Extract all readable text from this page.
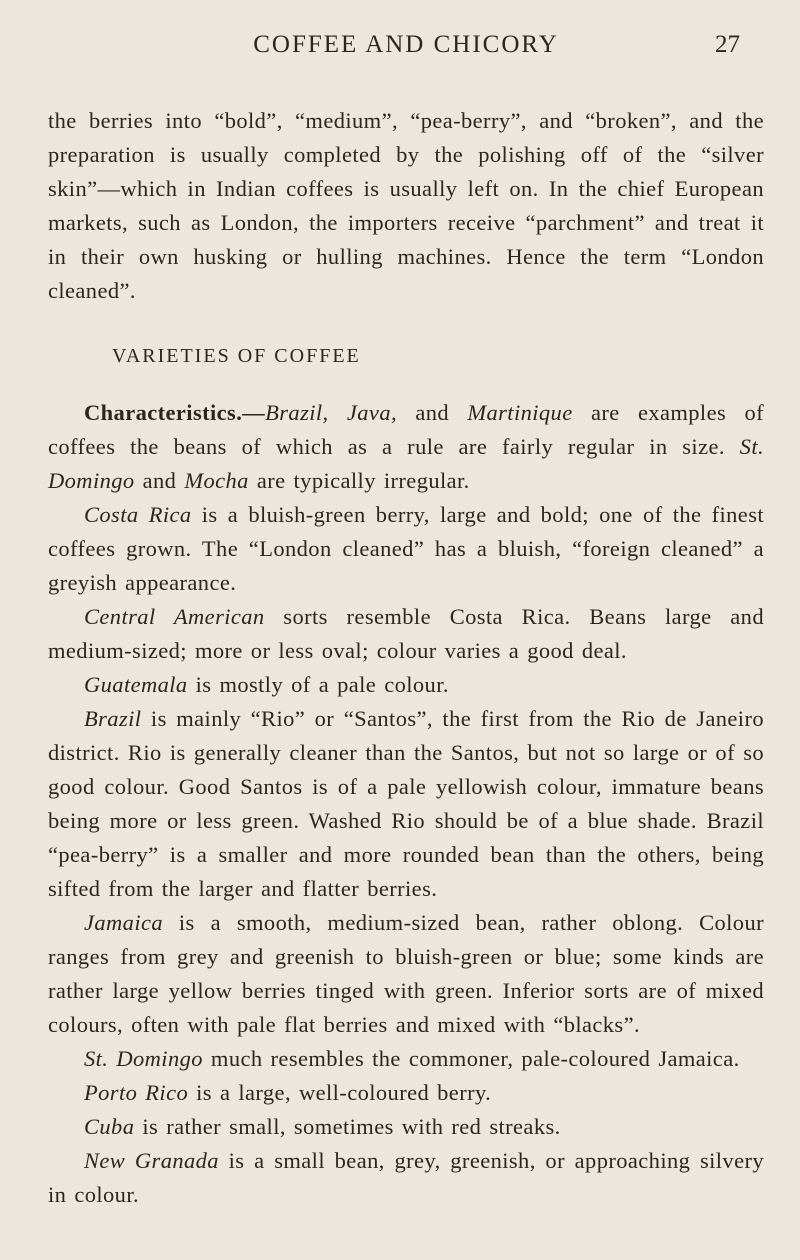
COFFEE AND CHICORY	27

the berries into “bold”, “medium”, “pea-berry”, and “broken”, and the preparation is usually completed by the polishing off of the “silver skin”—which in Indian coffees is usually left on. In the chief European markets, such as London, the importers receive “parchment” and treat it in their own husking or hulling machines. Hence the term “London cleaned”.

VARIETIES OF COFFEE

Characteristics.—Brazil, Java, and Martinique are examples of coffees the beans of which as a rule are fairly regular in size. St. Domingo and Mocha are typically irregular.

Costa Rica is a bluish-green berry, large and bold; one of the finest coffees grown. The “London cleaned” has a bluish, “foreign cleaned” a greyish appearance.

Central American sorts resemble Costa Rica. Beans large and medium-sized; more or less oval; colour varies a good deal.

Guatemala is mostly of a pale colour.

Brazil is mainly “Rio” or “Santos”, the first from the Rio de Janeiro district. Rio is generally cleaner than the Santos, but not so large or of so good colour. Good Santos is of a pale yellowish colour, immature beans being more or less green. Washed Rio should be of a blue shade. Brazil “pea-berry” is a smaller and more rounded bean than the others, being sifted from the larger and flatter berries.

Jamaica is a smooth, medium-sized bean, rather oblong. Colour ranges from grey and greenish to bluish-green or blue; some kinds are rather large yellow berries tinged with green. Inferior sorts are of mixed colours, often with pale flat berries and mixed with “blacks”.

St. Domingo much resembles the commoner, pale-coloured Jamaica.

Porto Rico is a large, well-coloured berry.

Cuba is rather small, sometimes with red streaks.

New Granada is a small bean, grey, greenish, or approaching silvery in colour.
